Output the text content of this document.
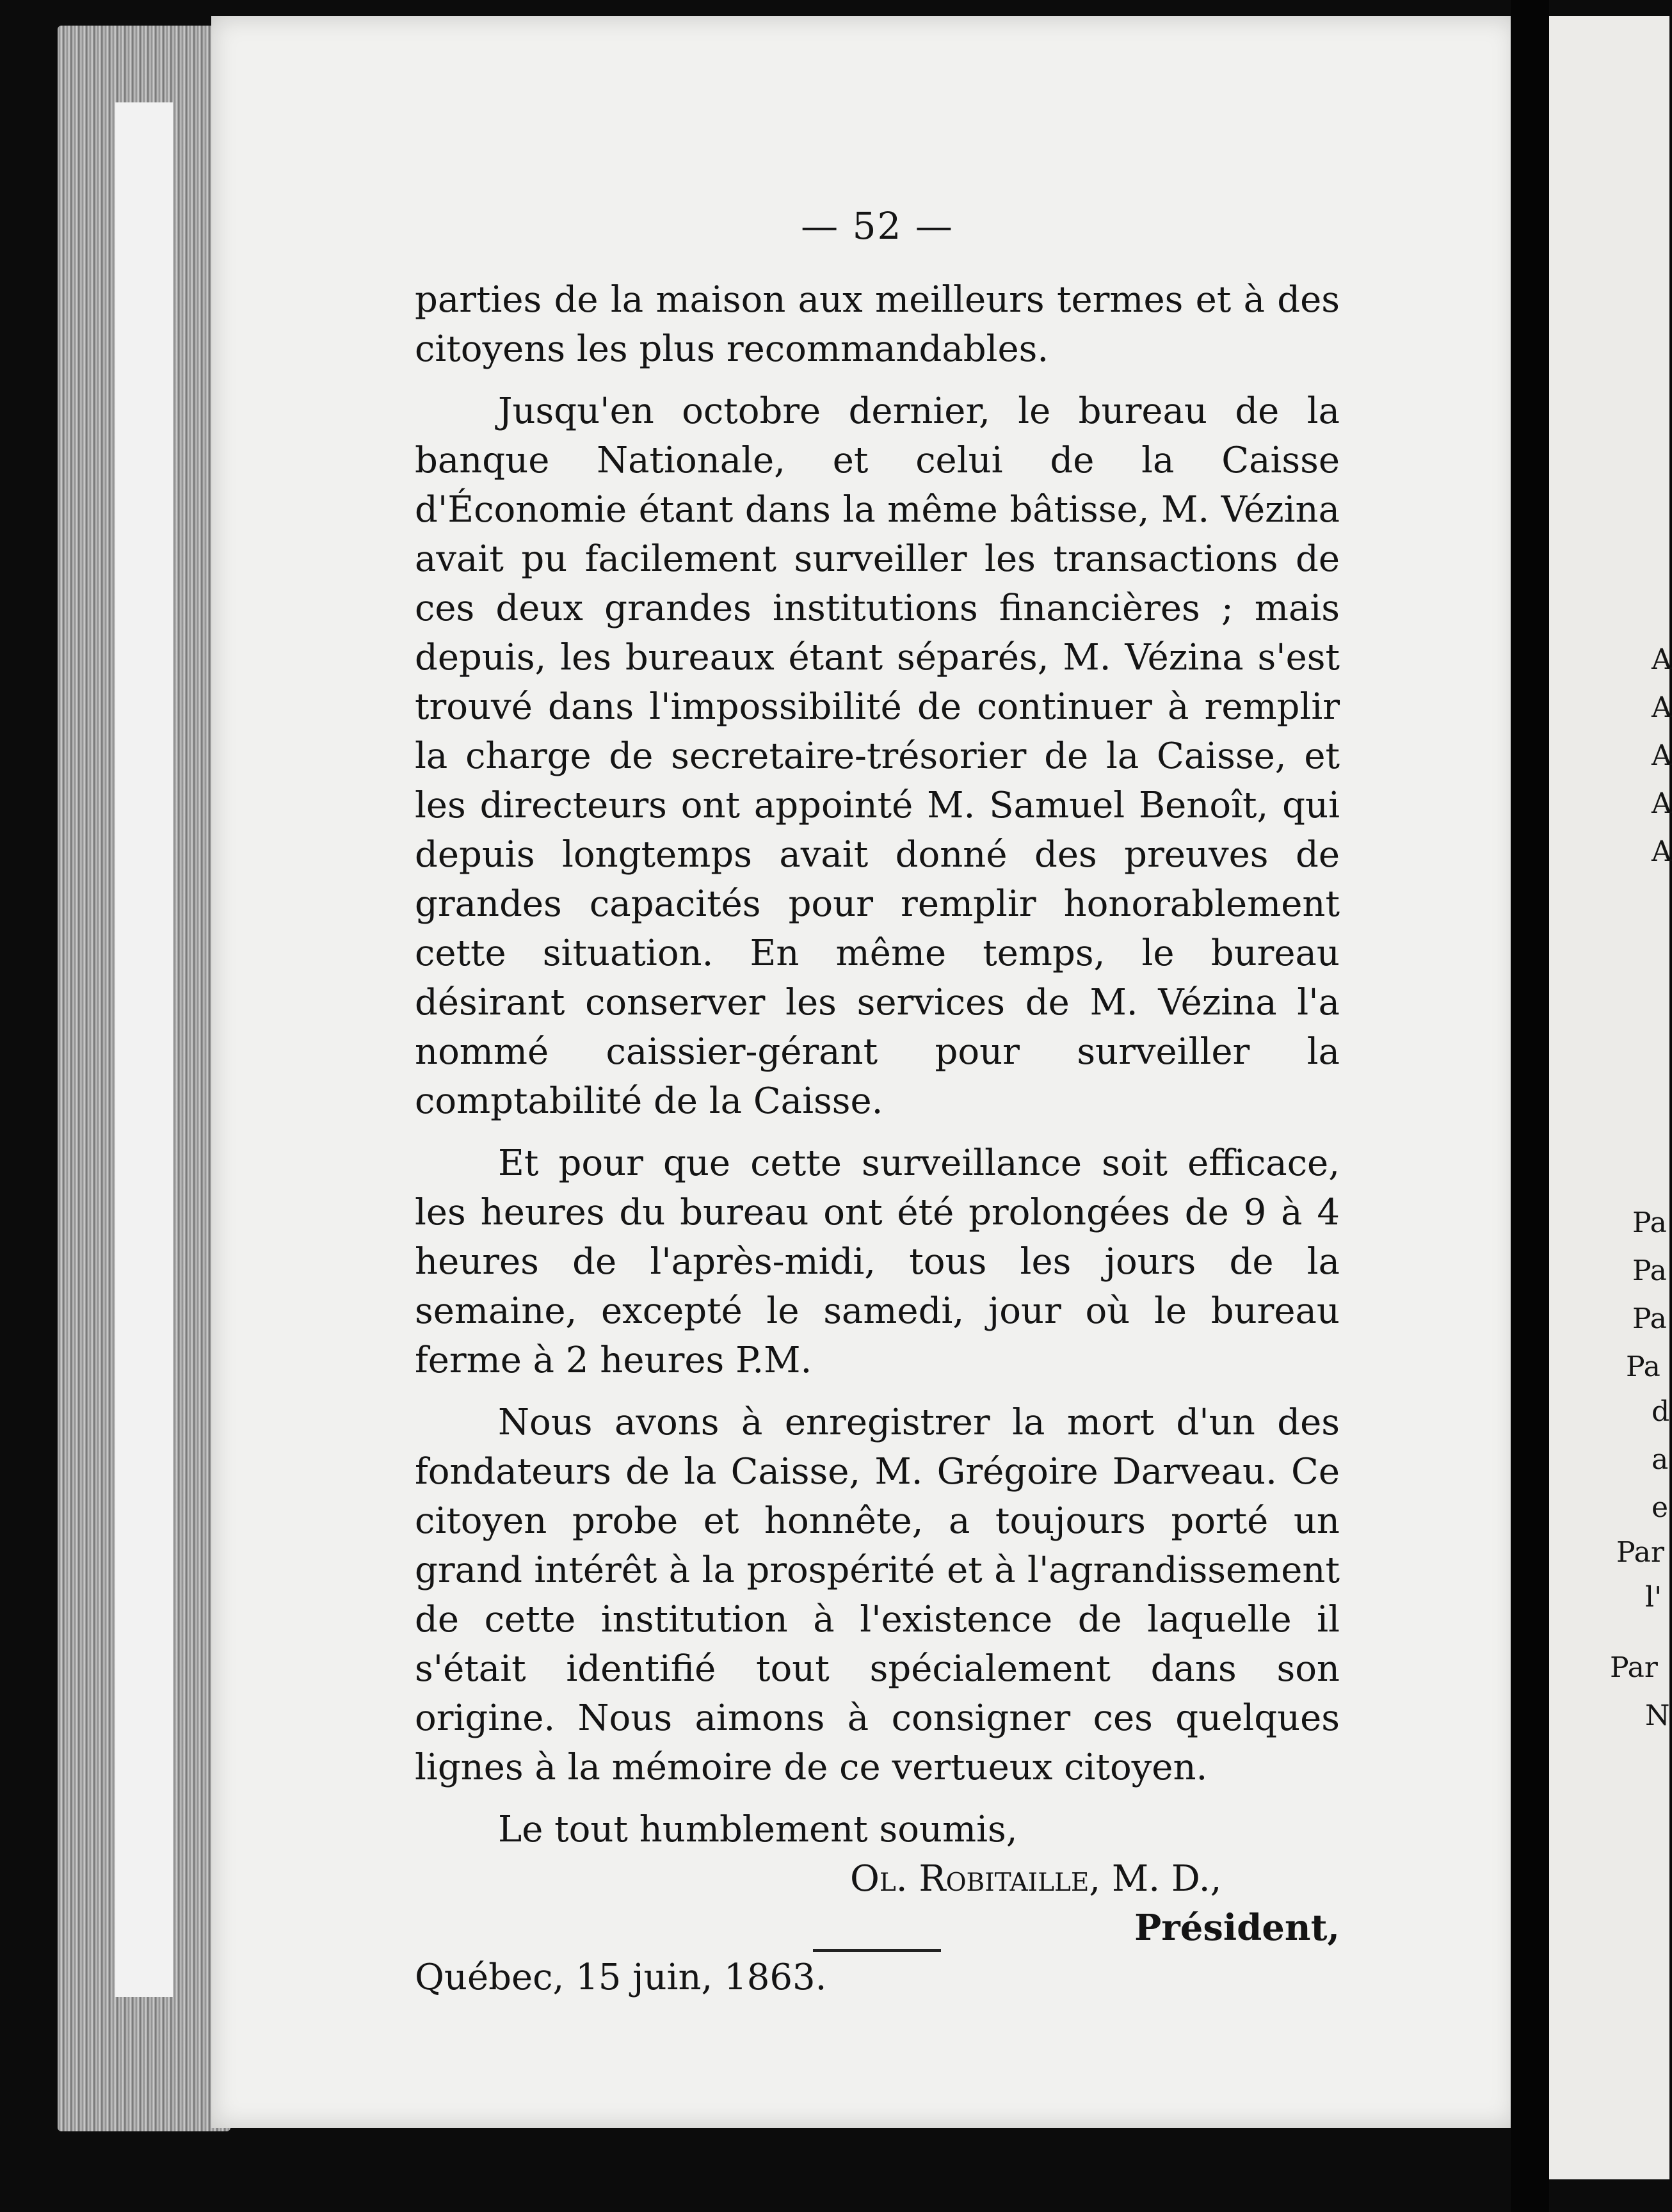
A
A
A
A
A
Pa
Pa
Pa
Pa
d
a
e
Par
l'
Par
N
— 52 —

parties de la maison aux meilleurs termes et à des citoyens les plus recommandables.

Jusqu'en octobre dernier, le bureau de la banque Nationale, et celui de la Caisse d'Économie étant dans la même bâtisse, M. Vézina avait pu facilement surveiller les transactions de ces deux grandes institutions financières ; mais depuis, les bureaux étant séparés, M. Vézina s'est trouvé dans l'impossibilité de continuer à remplir la charge de secretaire-trésorier de la Caisse, et les directeurs ont appointé M. Samuel Benoît, qui depuis longtemps avait donné des preuves de grandes capacités pour remplir honorablement cette situation. En même temps, le bureau désirant conserver les services de M. Vézina l'a nommé caissier-gérant pour surveiller la comptabilité de la Caisse.

Et pour que cette surveillance soit efficace, les heures du bureau ont été prolongées de 9 à 4 heures de l'après-midi, tous les jours de la semaine, excepté le samedi, jour où le bureau ferme à 2 heures P.M.

Nous avons à enregistrer la mort d'un des fondateurs de la Caisse, M. Grégoire Darveau. Ce citoyen probe et honnête, a toujours porté un grand intérêt à la prospérité et à l'agrandissement de cette institution à l'existence de laquelle il s'était identifié tout spécialement dans son origine. Nous aimons à consigner ces quelques lignes à la mémoire de ce vertueux citoyen.

Le tout humblement soumis,

Ol. Robitaille, M. D.,

Président,

Québec, 15 juin, 1863.
